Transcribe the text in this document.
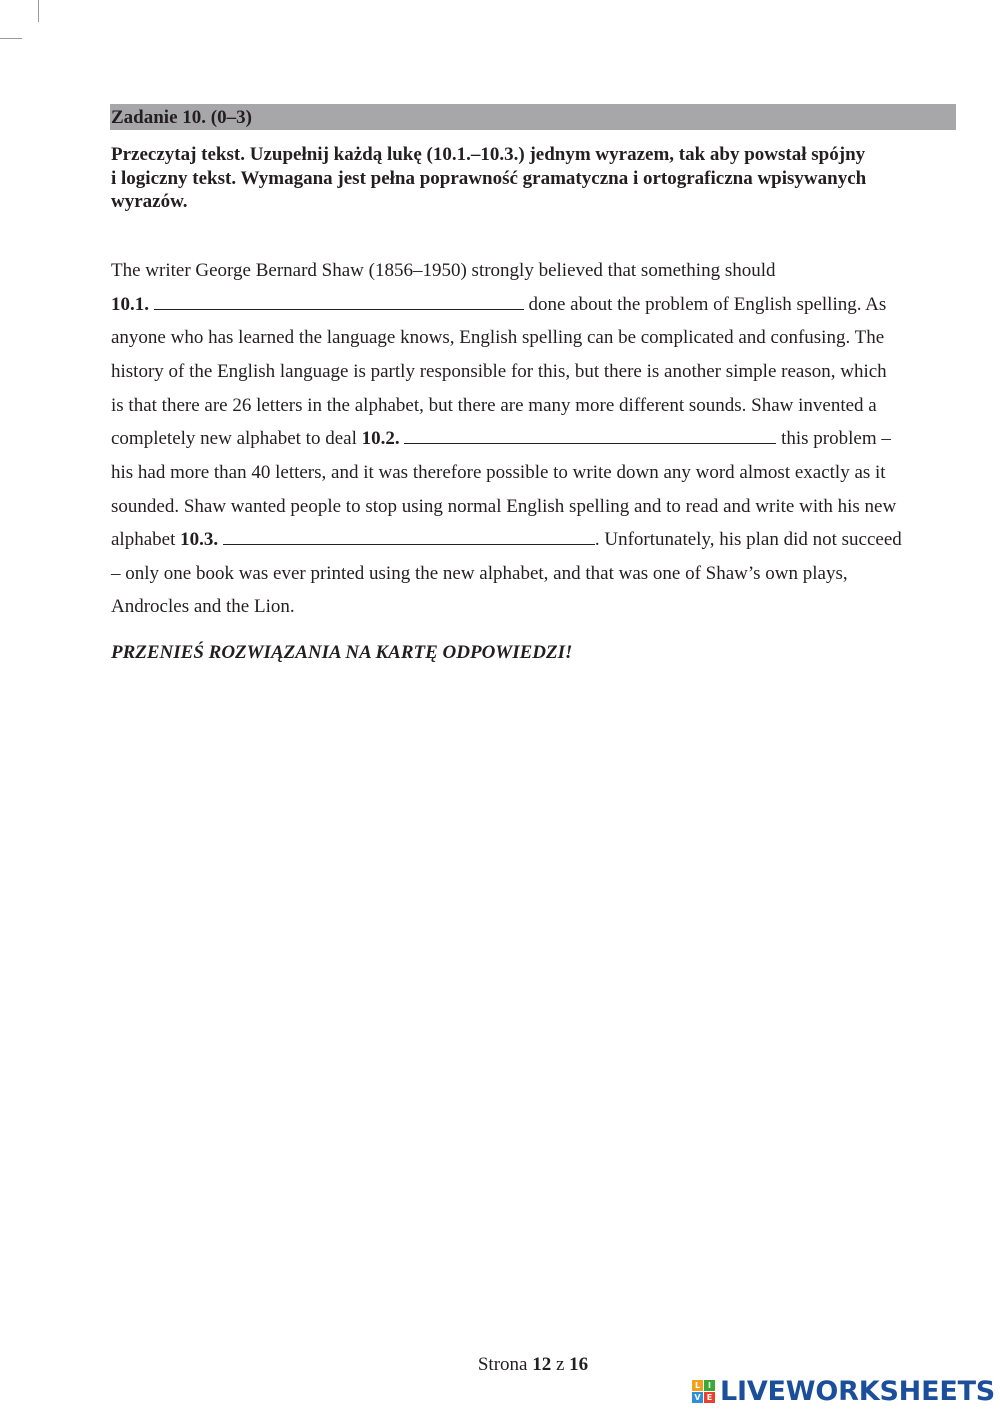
Zadanie 10. (0–3)
Przeczytaj tekst. Uzupełnij każdą lukę (10.1.–10.3.) jednym wyrazem, tak aby powstał spójny
i logiczny tekst. Wymagana jest pełna poprawność gramatyczna i ortograficzna wpisywanych
wyrazów.
The writer George Bernard Shaw (1856–1950) strongly believed that something should
10.1.	done about the problem of English spelling. As
anyone who has learned the language knows, English spelling can be complicated and confusing. The
history of the English language is partly responsible for this, but there is another simple reason, which
is that there are 26 letters in the alphabet, but there are many more different sounds. Shaw invented a
completely new alphabet to deal 10.2.	this problem –
his had more than 40 letters, and it was therefore possible to write down any word almost exactly as it
sounded. Shaw wanted people to stop using normal English spelling and to read and write with his new
alphabet 10.3.	. Unfortunately, his plan did not succeed
– only one book was ever printed using the new alphabet, and that was one of Shaw’s own plays,
Androcles and the Lion.
PRZENIEŚ ROZWIĄZANIA NA KARTĘ ODPOWIEDZI!
Strona 12 z 16
L I
V E LIVEWORKSHEETS
